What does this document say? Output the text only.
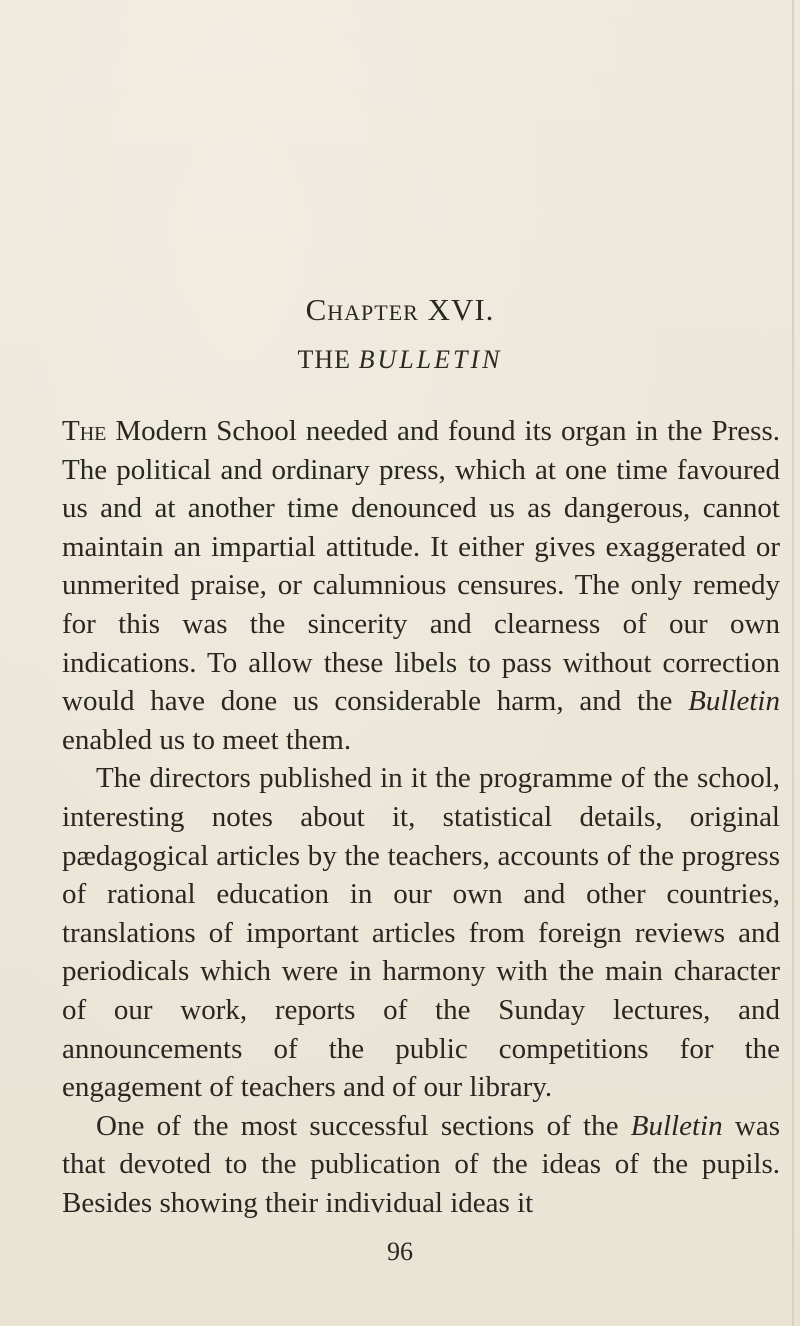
Chapter XVI.
THE BULLETIN

The Modern School needed and found its organ in the Press. The political and ordinary press, which at one time favoured us and at another time denounced us as dangerous, cannot maintain an impartial attitude. It either gives exaggerated or unmerited praise, or calumnious censures. The only remedy for this was the sincerity and clearness of our own indications. To allow these libels to pass without correction would have done us considerable harm, and the Bulletin enabled us to meet them.

The directors published in it the programme of the school, interesting notes about it, statistical details, original pædagogical articles by the teachers, accounts of the progress of rational education in our own and other countries, translations of important articles from foreign reviews and periodicals which were in harmony with the main character of our work, reports of the Sunday lectures, and announcements of the public competitions for the engagement of teachers and of our library.

One of the most successful sections of the Bulletin was that devoted to the publication of the ideas of the pupils. Besides showing their individual ideas it

96
